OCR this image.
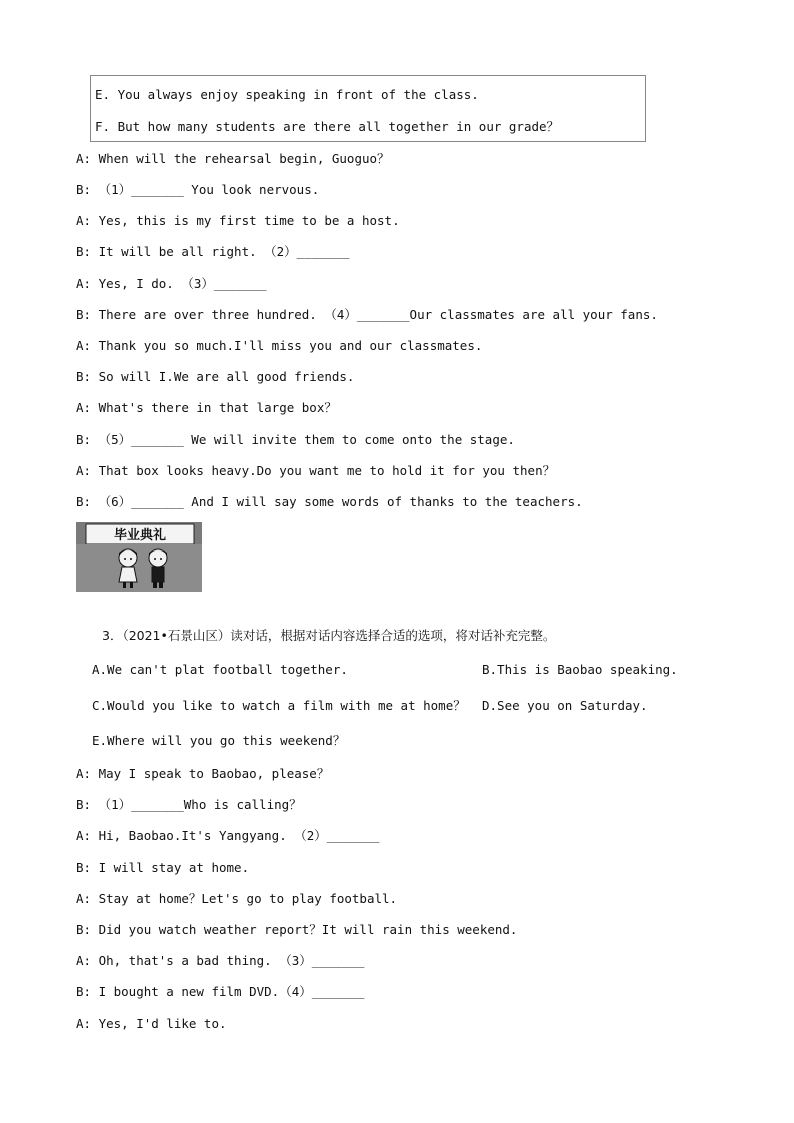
E. You always enjoy speaking in front of the class.
F. But how many students are there all together in our grade？
A: When will the rehearsal begin, Guoguo？
B: （1）_______ You look nervous.
A: Yes, this is my first time to be a host.
B: It will be all right. （2）_______
A: Yes, I do. （3）_______
B: There are over three hundred. （4）_______Our classmates are all your fans.
A: Thank you so much.I'll miss you and our classmates.
B: So will I.We are all good friends.
A: What's there in that large box？
B: （5）_______ We will invite them to come onto the stage.
A: That box looks heavy.Do you want me to hold it for you then？
B: （6）_______ And I will say some words of thanks to the teachers.
毕业典礼
3．（2021•石景山区）读对话，根据对话内容选择合适的选项，将对话补充完整。
A.We can't plat football together.	B.This is Baobao speaking.
C.Would you like to watch a film with me at home？ D.See you on Saturday.
E.Where will you go this weekend？
A: May I speak to Baobao, please？
B: （1）_______Who is calling？
A: Hi, Baobao.It's Yangyang. （2）_______
B: I will stay at home.
A: Stay at home？Let's go to play football.
B: Did you watch weather report？It will rain this weekend.
A: Oh, that's a bad thing. （3）_______
B: I bought a new film DVD.（4）_______
A: Yes, I'd like to.
